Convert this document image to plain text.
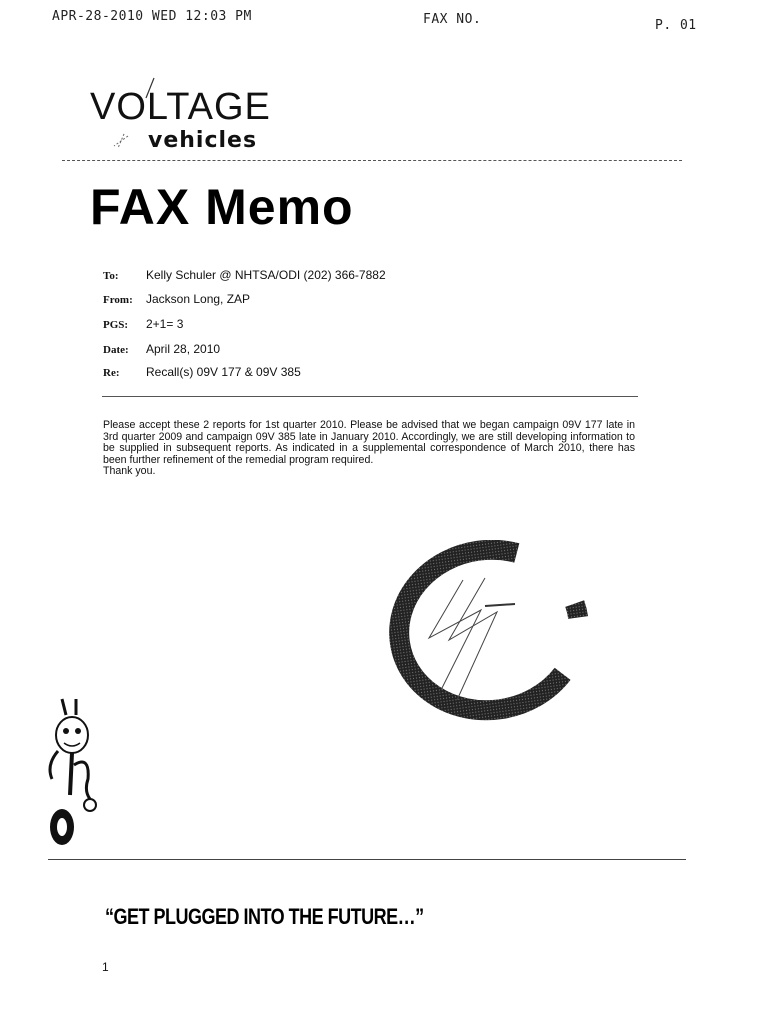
APR-28-2010 WED 12:03 PM	FAX NO.	P. 01
VOLTAGE
vehicles
FAX Memo
To: Kelly Schuler @ NHTSA/ODI (202) 366-7882
From: Jackson Long, ZAP
PGS: 2+1= 3
Date: April 28, 2010
Re: Recall(s) 09V 177 & 09V 385
Please accept these 2 reports for 1st quarter 2010. Please be advised that we began campaign 09V 177 late in 3rd quarter 2009 and campaign 09V 385 late in January 2010. Accordingly, we are still developing information to be supplied in subsequent reports. As indicated in a supplemental correspondence of March 2010, there has been further refinement of the remedial program required.
Thank you.
“GET PLUGGED INTO THE FUTURE…”
1
